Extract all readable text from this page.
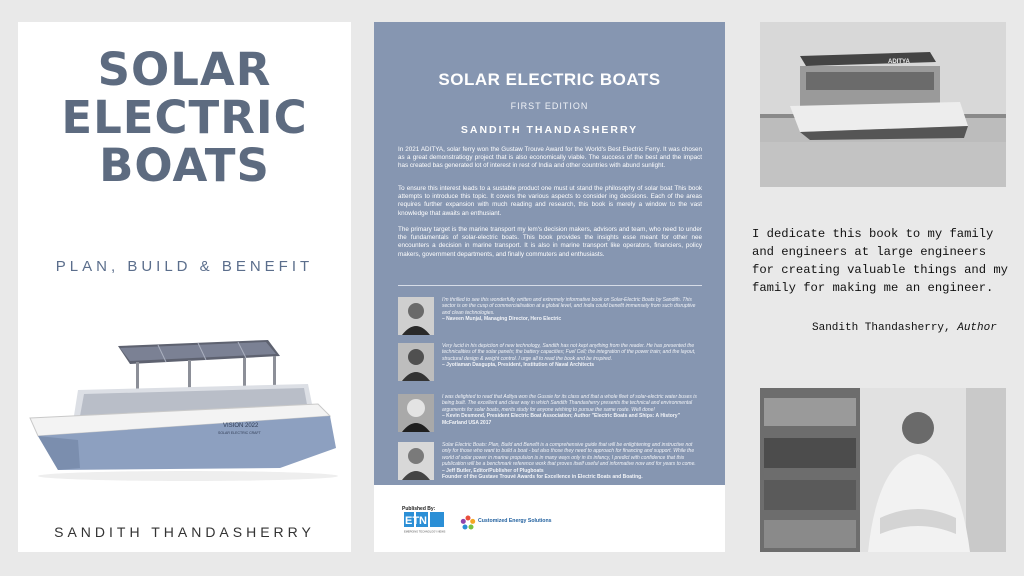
SOLAR
ELECTRIC
BOATS
PLAN, BUILD & BENEFIT
VISION 2022
SOLAR ELECTRIC CRAFT
SANDITH THANDASHERRY
SOLAR ELECTRIC BOATS
FIRST EDITION
SANDITH THANDASHERRY
In 2021 ADITYA, solar ferry won the Gustaw Trouve Award for the World's Best Electric Ferry. It was chosen as a great demonstratiogy project that is also economically viable. The success of the best and the impact has created bas generated lot of interest in rest of India and other countries with abund sunlight.
To ensure this interest leads to a sustable product one must ut stand the philosophy of solar boat This book attempts to introduce this topic. It covers the various aspects to consider ing decisions. Each of the areas requires further expansion with much reading and research, this book is merely a window to the vast knowledge that awaits an enthusiant.
The primary target is the marine transport my lem's decision makers, advisors and team, who need to under the fundamentals of solar-electric boats. This book provides the insights esse meant for other nee encounters a decision in marine transport. It is also in marine transport like operators, financiers, policy makers, government departments, and finally commuters and enthusiasts.
I'm thrilled to see this wonderfully written and extremely informative book on Solar-Electric Boats by Sandith. This sector is on the cusp of commercialisation at a global level, and India could benefit immensely from such disruptive and clean technologies.
– Naveen Munjal, Managing Director, Hero Electric
Very lucid in his depiction of new technology, Sandith has not kept anything from the reader. He has presented the technicalities of the solar panels; the battery capacities; Fuel Cell; the integration of the power train; and the layout, structural design & weight control. I urge all to read the book and be inspired.
– Jyotiaman Dasgupta, President, Institution of Naval Architects
I was delighted to read that Aditya won the Gussie for its class and that a whole fleet of solar-electric water buses is being built. The excellent and clear way in which Sandith Thandasherry presents the technical and environmental arguments for solar boats, merits study for anyone wishing to pursue the same route. Well done!
– Kevin Desmond, President Electric Boat Association; Author "Electric Boats and Ships: A History" McFarland USA 2017
Solar Electric Boats: Plan, Build and Benefit is a comprehensive guide that will be enlightening and instructive not only for those who want to build a boat - but also those they need to approach for financing and support. While the world of solar power in marine propulsion is in many ways only in its infancy, I predict with confidence that this publication will be a benchmark reference work that proves itself useful and informative now and for years to come.
– Jeff Butler, Editor/Publisher of Plugboats
Founder of the Gustave Trouvé Awards for Excellence in Electric Boats and Boating.
Published By:
ETN
EMERGING TECHNOLOGY NEWS
Customized Energy Solutions
ADITYA
I dedicate this book to my family and engineers at large engineers for creating valuable things and my family for making me an engineer.
Sandith Thandasherry, Author
